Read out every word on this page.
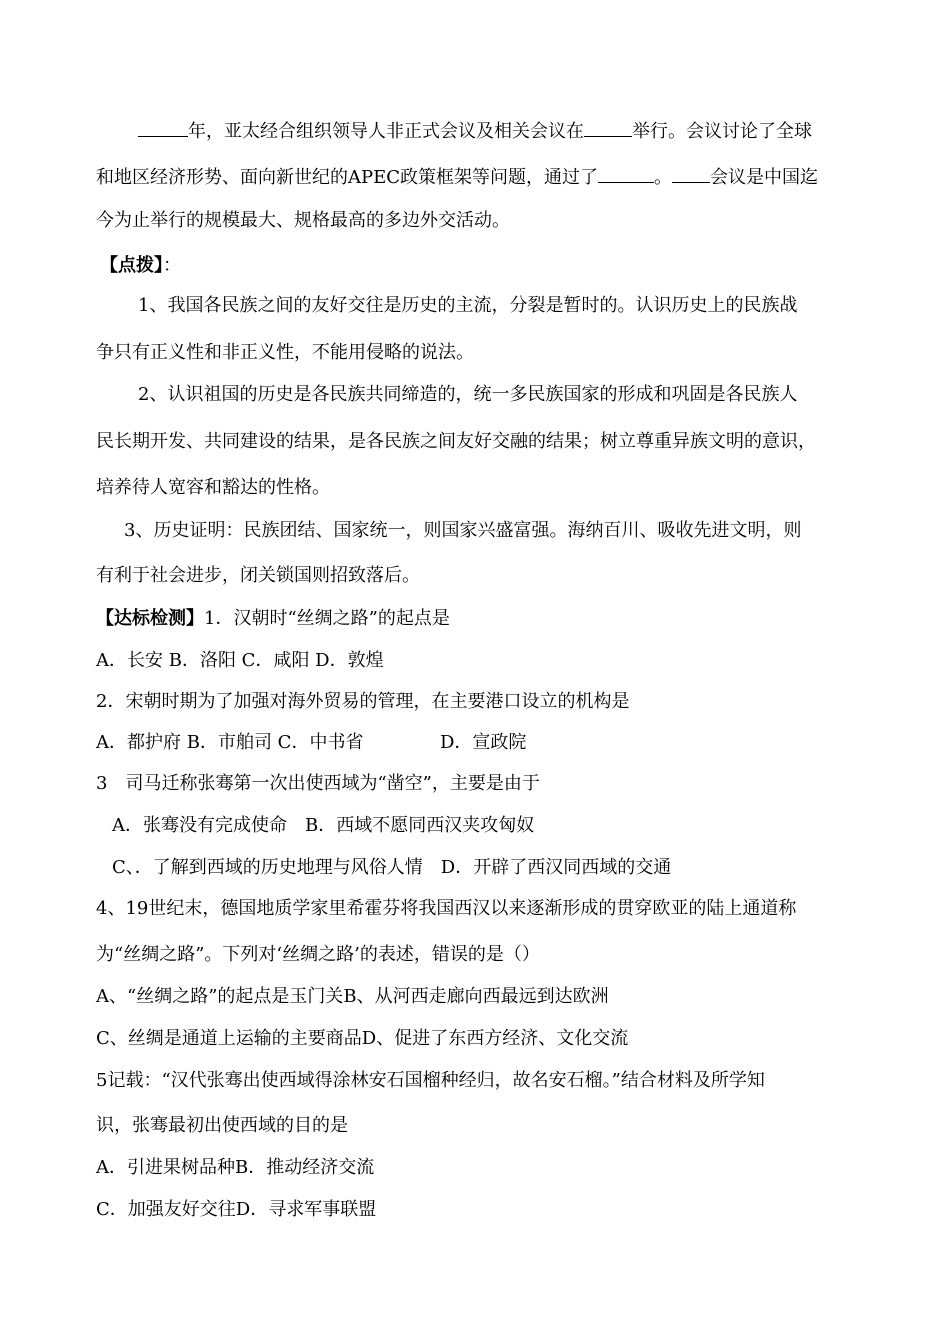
年，亚太经合组织领导人非正式会议及相关会议在	举行。会议讨论了全球
和地区经济形势、面向新世纪的APEC政策框架等问题，通过了	。 会议是中国迄
今为止举行的规模最大、规格最高的多边外交活动。
【点拨】：
1、我国各民族之间的友好交往是历史的主流，分裂是暂时的。认识历史上的民族战
争只有正义性和非正义性，不能用侵略的说法。
2、认识祖国的历史是各民族共同缔造的，统一多民族国家的形成和巩固是各民族人
民长期开发、共同建设的结果，是各民族之间友好交融的结果；树立尊重异族文明的意识，
培养待人宽容和豁达的性格。
3、历史证明：民族团结、国家统一，则国家兴盛富强。海纳百川、吸收先进文明，则
有利于社会进步，闭关锁国则招致落后。
【达标检测】1．汉朝时“丝绸之路”的起点是
A．长安 B．洛阳 C．咸阳 D．敦煌
2．宋朝时期为了加强对海外贸易的管理，在主要港口设立的机构是
A．都护府 B．市舶司 C．中书省	D．宣政院
3　司马迁称张骞第一次出使西域为“凿空”，主要是由于
A．张骞没有完成使命　B．西域不愿同西汉夹攻匈奴
C、．了解到西域的历史地理与风俗人情　D．开辟了西汉同西域的交通
4、19世纪末，德国地质学家里希霍芬将我国西汉以来逐渐形成的贯穿欧亚的陆上通道称
为“丝绸之路”。下列对‘丝绸之路’的表述，错误的是（）
A、“丝绸之路”的起点是玉门关B、从河西走廊向西最远到达欧洲
C、丝绸是通道上运输的主要商品D、促进了东西方经济、文化交流
5记载：“汉代张骞出使西域得涂林安石国榴种经归，故名安石榴。”结合材料及所学知
识，张骞最初出使西域的目的是
A．引进果树品种B．推动经济交流
C．加强友好交往D．寻求军事联盟
